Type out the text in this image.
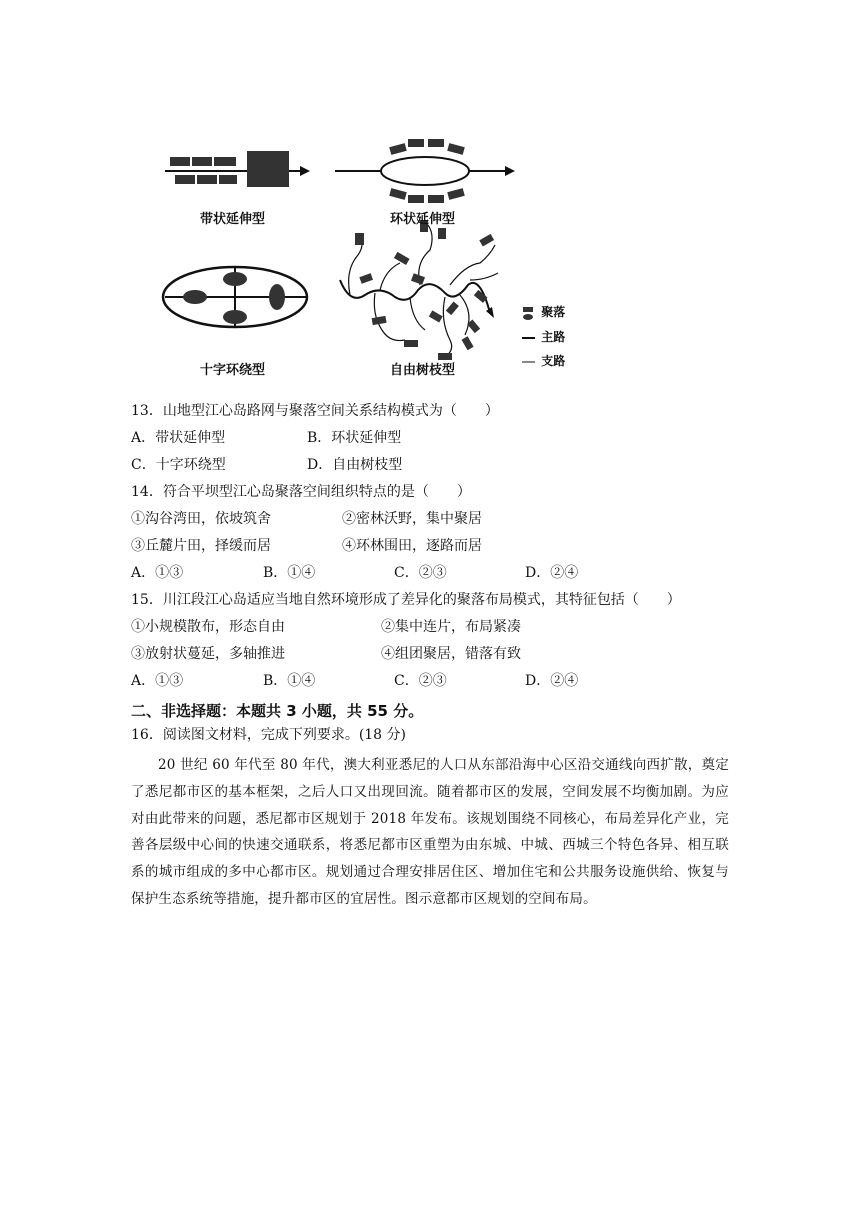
带状延伸型	环状延伸型
十字环绕型	自由树枝型
聚落
主路
支路
13．山地型江心岛路网与聚落空间关系结构模式为（　　）
A．带状延伸型	B．环状延伸型
C．十字环绕型	D．自由树枝型
14．符合平坝型江心岛聚落空间组织特点的是（　　）
①沟谷湾田，依坡筑舍	②密林沃野，集中聚居
③丘麓片田，择缓而居	④环林围田，逐路而居
A．①③	B．①④	C．②③	D．②④
15．川江段江心岛适应当地自然环境形成了差异化的聚落布局模式，其特征包括（　　）
①小规模散布，形态自由	②集中连片，布局紧凑
③放射状蔓延，多轴推进	④组团聚居，错落有致
A．①③	B．①④	C．②③	D．②④
二、非选择题：本题共 3 小题，共 55 分。
16．阅读图文材料，完成下列要求。(18 分)
20 世纪 60 年代至 80 年代，澳大利亚悉尼的人口从东部沿海中心区沿交通线向西扩散，奠定了悉尼都市区的基本框架，之后人口又出现回流。随着都市区的发展，空间发展不均衡加剧。为应对由此带来的问题，悉尼都市区规划于 2018 年发布。该规划围绕不同核心，布局差异化产业，完善各层级中心间的快速交通联系，将悉尼都市区重塑为由东城、中城、西城三个特色各异、相互联系的城市组成的多中心都市区。规划通过合理安排居住区、增加住宅和公共服务设施供给、恢复与保护生态系统等措施，提升都市区的宜居性。图示意都市区规划的空间布局。
